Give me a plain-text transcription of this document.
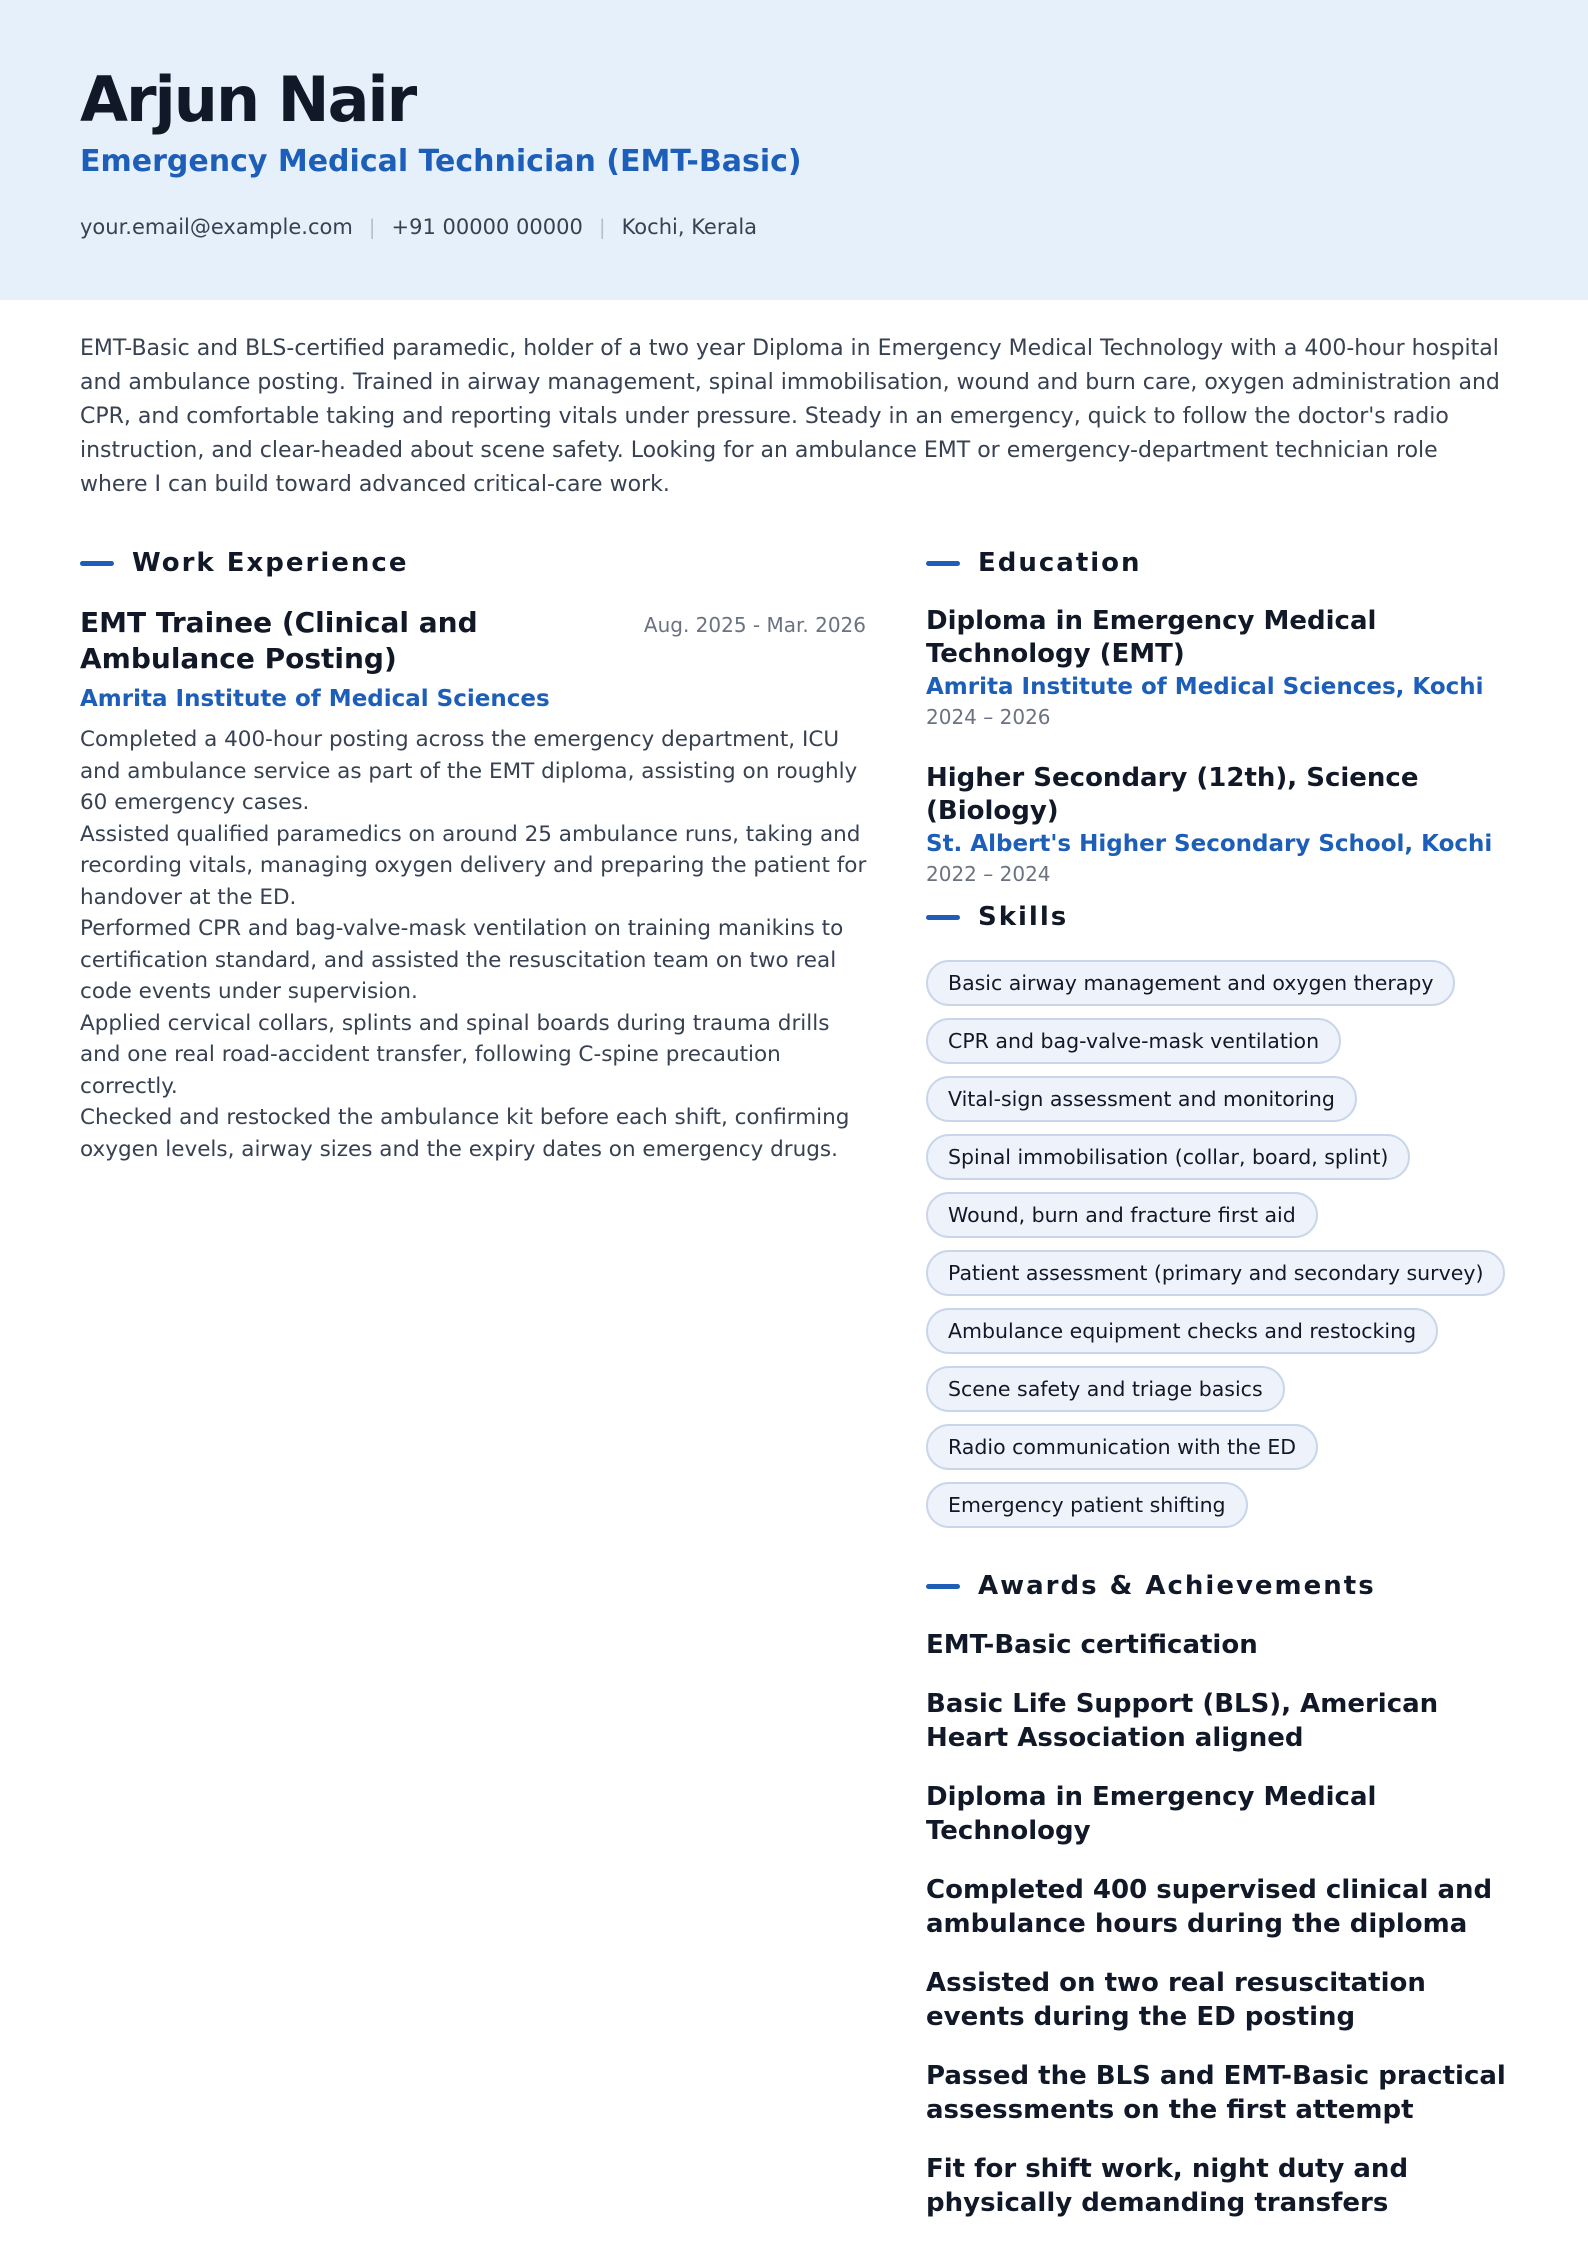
Arjun Nair
Emergency Medical Technician (EMT-Basic)
your.email@example.com | +91 00000 00000 | Kochi, Kerala
EMT-Basic and BLS-certified paramedic, holder of a two year Diploma in Emergency Medical Technology with a 400-hour hospital and ambulance posting. Trained in airway management, spinal immobilisation, wound and burn care, oxygen administration and CPR, and comfortable taking and reporting vitals under pressure. Steady in an emergency, quick to follow the doctor's radio instruction, and clear-headed about scene safety. Looking for an ambulance EMT or emergency-department technician role where I can build toward advanced critical-care work.
Work Experience
EMT Trainee (Clinical and Ambulance Posting)
Aug. 2025 - Mar. 2026
Amrita Institute of Medical Sciences
Completed a 400-hour posting across the emergency department, ICU and ambulance service as part of the EMT diploma, assisting on roughly 60 emergency cases.
Assisted qualified paramedics on around 25 ambulance runs, taking and recording vitals, managing oxygen delivery and preparing the patient for handover at the ED.
Performed CPR and bag-valve-mask ventilation on training manikins to certification standard, and assisted the resuscitation team on two real code events under supervision.
Applied cervical collars, splints and spinal boards during trauma drills and one real road-accident transfer, following C-spine precaution correctly.
Checked and restocked the ambulance kit before each shift, confirming oxygen levels, airway sizes and the expiry dates on emergency drugs.
Education
Diploma in Emergency Medical Technology (EMT)
Amrita Institute of Medical Sciences, Kochi
2024 – 2026
Higher Secondary (12th), Science (Biology)
St. Albert's Higher Secondary School, Kochi
2022 – 2024
Skills
Basic airway management and oxygen therapy
CPR and bag-valve-mask ventilation
Vital-sign assessment and monitoring
Spinal immobilisation (collar, board, splint)
Wound, burn and fracture first aid
Patient assessment (primary and secondary survey)
Ambulance equipment checks and restocking
Scene safety and triage basics
Radio communication with the ED
Emergency patient shifting
Awards & Achievements
EMT-Basic certification
Basic Life Support (BLS), American Heart Association aligned
Diploma in Emergency Medical Technology
Completed 400 supervised clinical and ambulance hours during the diploma
Assisted on two real resuscitation events during the ED posting
Passed the BLS and EMT-Basic practical assessments on the first attempt
Fit for shift work, night duty and physically demanding transfers
